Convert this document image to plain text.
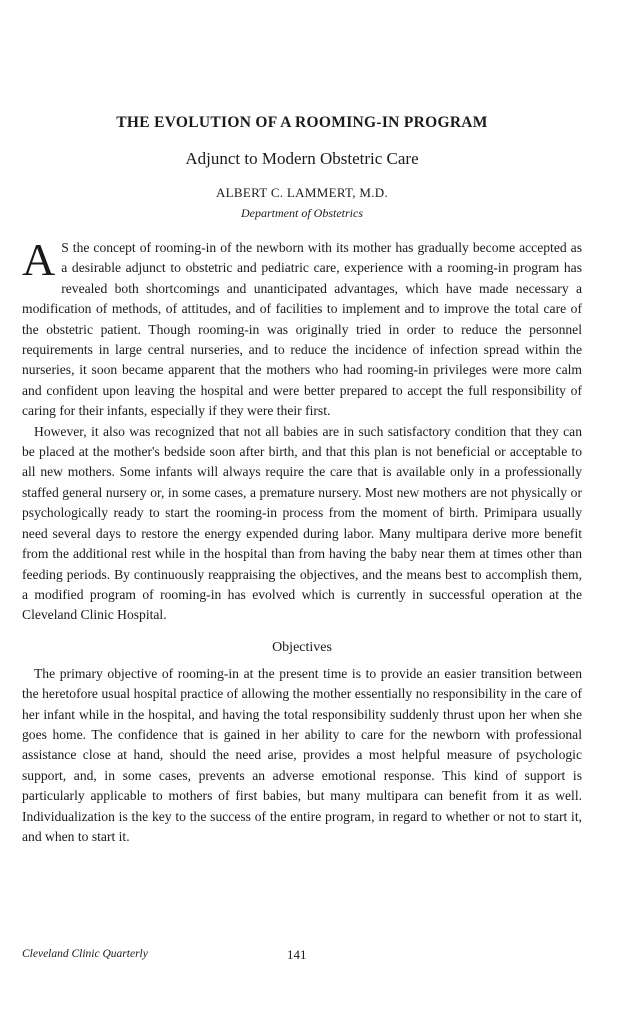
THE EVOLUTION OF A ROOMING-IN PROGRAM
Adjunct to Modern Obstetric Care
ALBERT C. LAMMERT, M.D.
Department of Obstetrics

A S the concept of rooming-in of the newborn with its mother has gradually become accepted as a desirable adjunct to obstetric and pediatric care, experience with a rooming-in program has revealed both shortcomings and unanticipated advantages, which have made necessary a modification of methods, of attitudes, and of facilities to implement and to improve the total care of the obstetric patient. Though rooming-in was originally tried in order to reduce the personnel requirements in large central nurseries, and to reduce the incidence of infection spread within the nurseries, it soon became apparent that the mothers who had rooming-in privileges were more calm and confident upon leaving the hospital and were better prepared to accept the full responsibility of caring for their infants, especially if they were their first.

However, it also was recognized that not all babies are in such satisfactory condition that they can be placed at the mother's bedside soon after birth, and that this plan is not beneficial or acceptable to all new mothers. Some infants will always require the care that is available only in a professionally staffed general nursery or, in some cases, a premature nursery. Most new mothers are not physically or psychologically ready to start the rooming-in process from the moment of birth. Primipara usually need several days to restore the energy expended during labor. Many multipara derive more benefit from the additional rest while in the hospital than from having the baby near them at times other than feeding periods. By continuously reappraising the objectives, and the means best to accomplish them, a modified program of rooming-in has evolved which is currently in successful operation at the Cleveland Clinic Hospital.

Objectives

The primary objective of rooming-in at the present time is to provide an easier transition between the heretofore usual hospital practice of allowing the mother essentially no responsibility in the care of her infant while in the hospital, and having the total responsibility suddenly thrust upon her when she goes home. The confidence that is gained in her ability to care for the newborn with professional assistance close at hand, should the need arise, provides a most helpful measure of psychologic support, and, in some cases, prevents an adverse emotional response. This kind of support is particularly applicable to mothers of first babies, but many multipara can benefit from it as well. Individualization is the key to the success of the entire program, in regard to whether or not to start it, and when to start it.

Cleveland Clinic Quarterly	141
